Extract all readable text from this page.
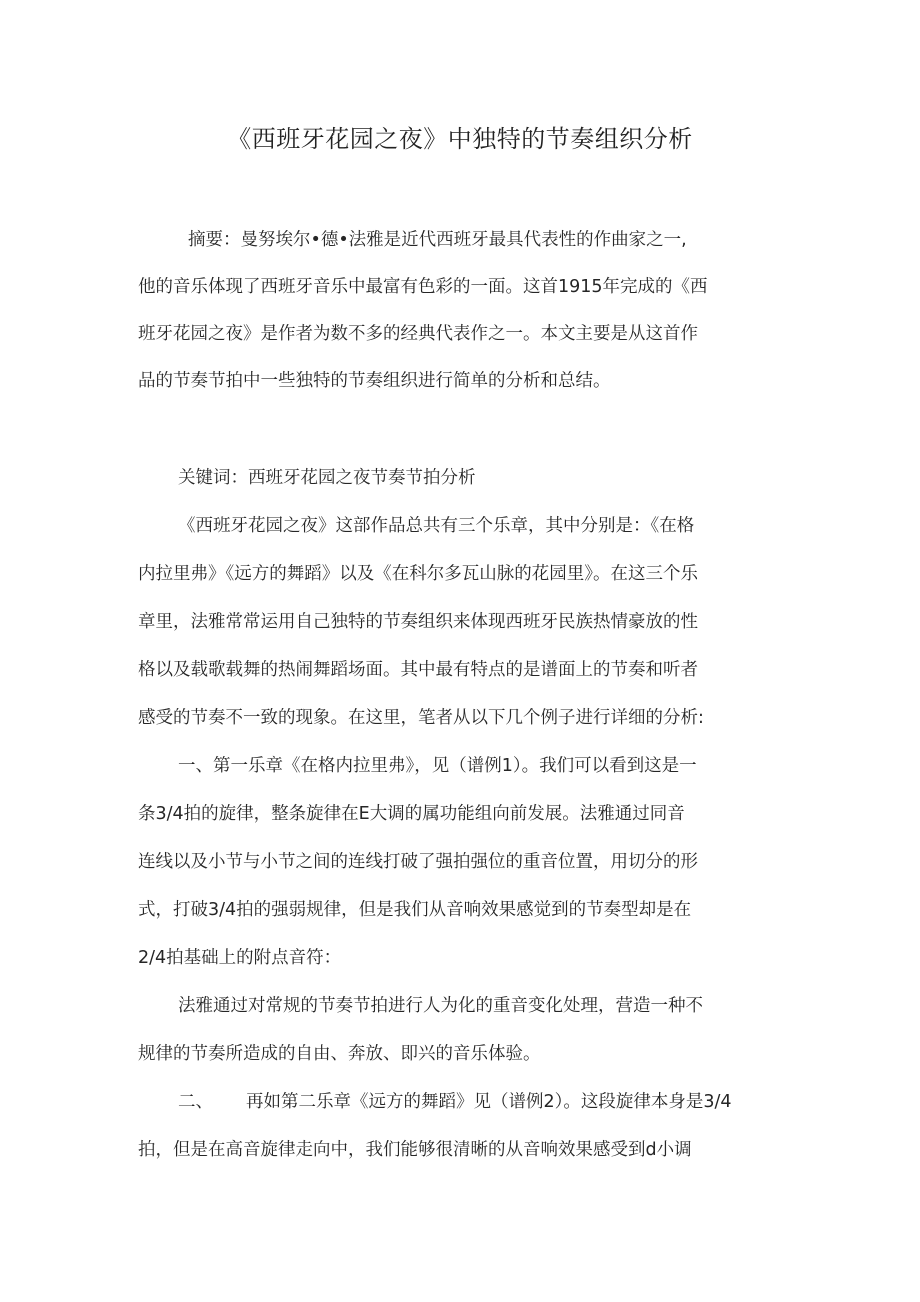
《西班牙花园之夜》中独特的节奏组织分析
摘要：曼努埃尔•德•法雅是近代西班牙最具代表性的作曲家之一,
他的音乐体现了西班牙音乐中最富有色彩的一面。这首1915年完成的《西
班牙花园之夜》是作者为数不多的经典代表作之一。本文主要是从这首作
品的节奏节拍中一些独特的节奏组织进行简单的分析和总结。
关键词：西班牙花园之夜节奏节拍分析
《西班牙花园之夜》这部作品总共有三个乐章，其中分别是：《在格
内拉里弗》《远方的舞蹈》以及《在科尔多瓦山脉的花园里》。在这三个乐
章里，法雅常常运用自己独特的节奏组织来体现西班牙民族热情豪放的性
格以及载歌载舞的热闹舞蹈场面。其中最有特点的是谱面上的节奏和听者
感受的节奏不一致的现象。在这里，笔者从以下几个例子进行详细的分析:
一、第一乐章《在格内拉里弗》，见（谱例1）。我们可以看到这是一
条3/4拍的旋律，整条旋律在E大调的属功能组向前发展。法雅通过同音
连线以及小节与小节之间的连线打破了强拍强位的重音位置，用切分的形
式，打破3/4拍的强弱规律，但是我们从音响效果感觉到的节奏型却是在
2/4拍基础上的附点音符：
法雅通过对常规的节奏节拍进行人为化的重音变化处理，营造一种不
规律的节奏所造成的自由、奔放、即兴的音乐体验。
二、 再如第二乐章《远方的舞蹈》见（谱例2）。这段旋律本身是3/4
拍，但是在高音旋律走向中，我们能够很清晰的从音响效果感受到d小调
